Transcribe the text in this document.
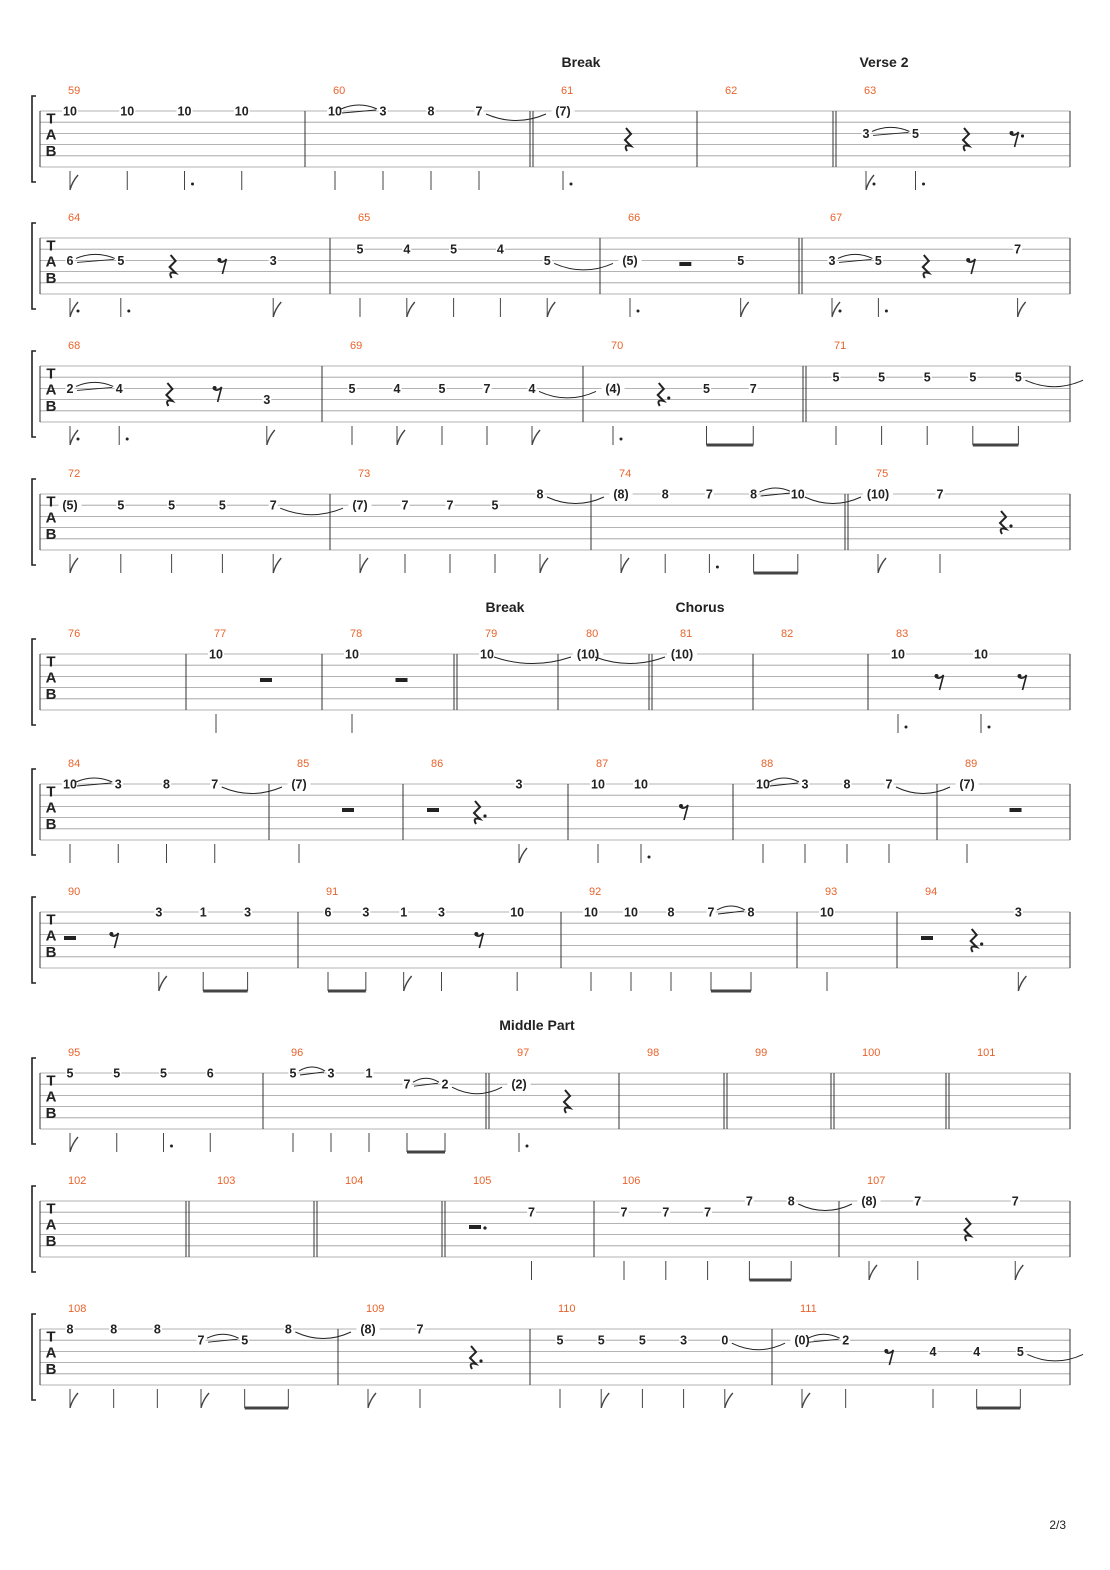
T
A
B
59
10	10	10	10
60
10	3	8	7
61
Break
(7)
62	63
Verse 2
3	5
T
A
B
64
6	5	3
65
5	4	5	4
5
66
(5)	5
67
3	5
7
T
A
B
68
2	4
3
69
5	4	5	7	4
70
(4)	5	7
71
5	5	5	5	5
T
A
B
72
(5)	5	5	5	7
73
(7)	7	7	5
8
74
(8)	8	7	8	10
75
(10)	7
T
A
B
76	77
10
78
10
79
Break
10
80
(10)
81
Chorus
(10)
82	83
10	10
T
A
B
84
10	3	8	7
85
(7)
86
3
87
10 10
88
10	3	8	7
89
(7)
T
A
B
90
3	1	3
91
6 3 1 3	10
92
10 10 8	7	8
93
10
94
3
T
A
B
95
5	5	5	6
96
5 3 1
7 2
97
Middle Part
(2)
98	99	100	101
T
A
B
102	103	104	105
7
106
7	7	7
7	8
107
(8)	7	7
T
A
B
108
8	8	8
7	5
8
109
(8)	7
110
5	5	5	3	0
111
(0)	2
4	4	5
2/3
